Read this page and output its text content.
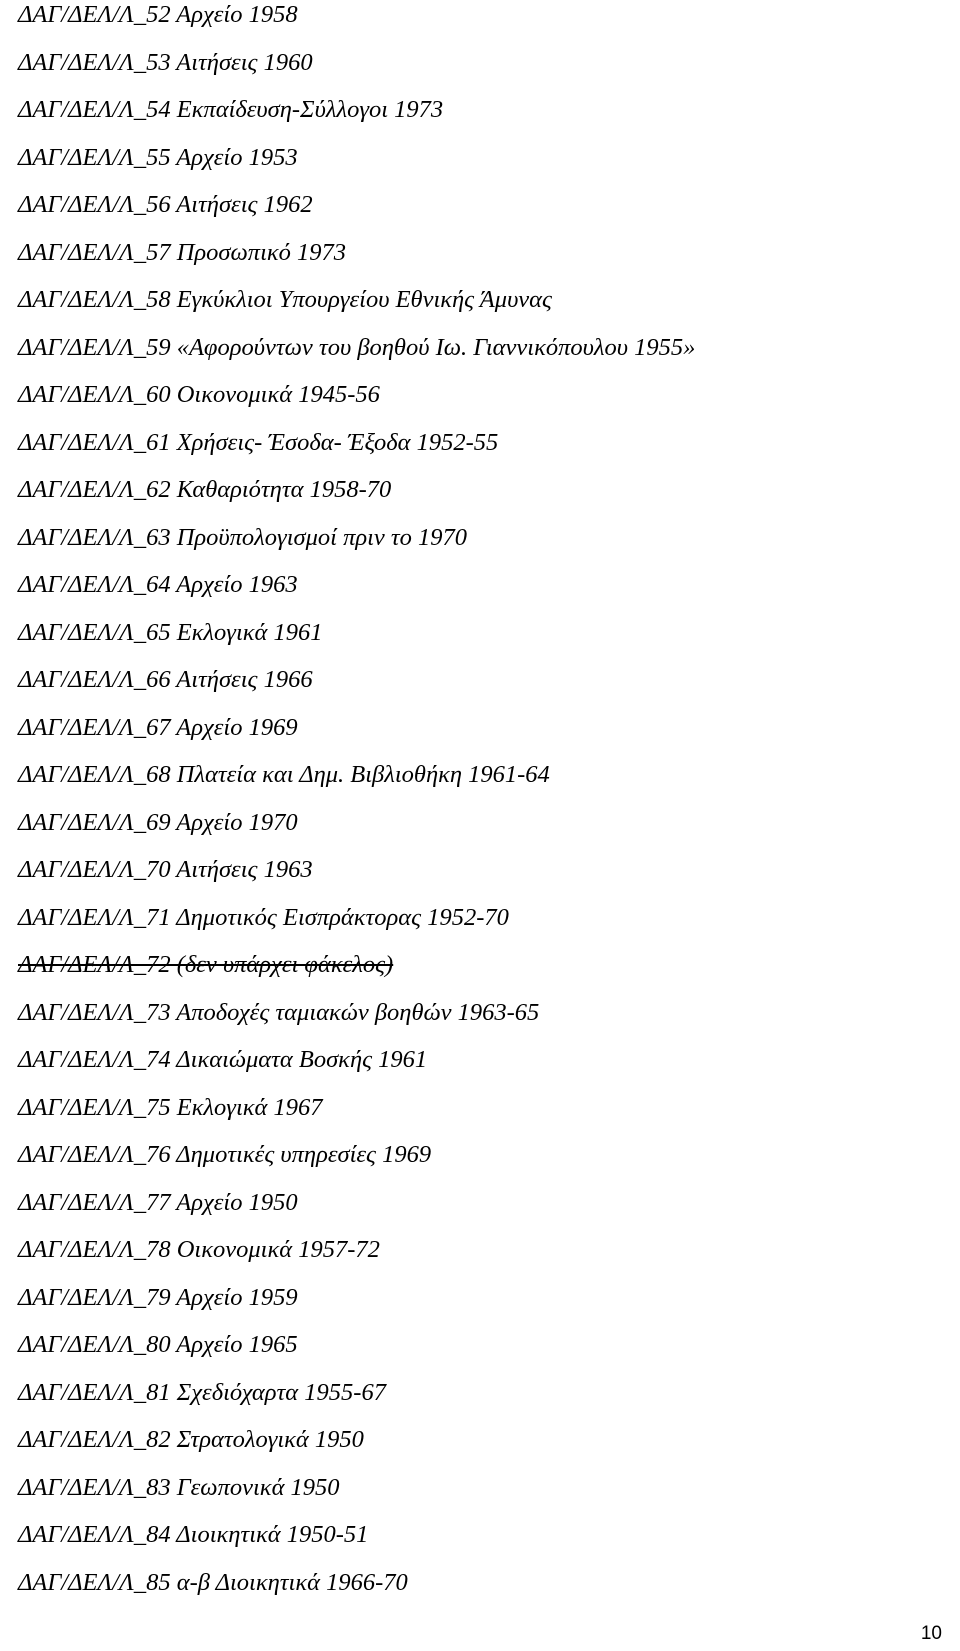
ΔΑΓ/ΔΕΛ/Λ_52 Αρχείο 1958
ΔΑΓ/ΔΕΛ/Λ_53 Αιτήσεις 1960
ΔΑΓ/ΔΕΛ/Λ_54 Εκπαίδευση-Σύλλογοι 1973
ΔΑΓ/ΔΕΛ/Λ_55 Αρχείο 1953
ΔΑΓ/ΔΕΛ/Λ_56 Αιτήσεις 1962
ΔΑΓ/ΔΕΛ/Λ_57 Προσωπικό 1973
ΔΑΓ/ΔΕΛ/Λ_58 Εγκύκλιοι Υπουργείου Εθνικής Άμυνας
ΔΑΓ/ΔΕΛ/Λ_59 «Αφορούντων του βοηθού Ιω. Γιαννικόπουλου 1955»
ΔΑΓ/ΔΕΛ/Λ_60 Οικονομικά 1945-56
ΔΑΓ/ΔΕΛ/Λ_61 Χρήσεις- Έσοδα- Έξοδα 1952-55
ΔΑΓ/ΔΕΛ/Λ_62 Καθαριότητα 1958-70
ΔΑΓ/ΔΕΛ/Λ_63 Προϋπολογισμοί πριν το 1970
ΔΑΓ/ΔΕΛ/Λ_64 Αρχείο 1963
ΔΑΓ/ΔΕΛ/Λ_65 Εκλογικά 1961
ΔΑΓ/ΔΕΛ/Λ_66 Αιτήσεις 1966
ΔΑΓ/ΔΕΛ/Λ_67 Αρχείο 1969
ΔΑΓ/ΔΕΛ/Λ_68 Πλατεία και Δημ. Βιβλιοθήκη 1961-64
ΔΑΓ/ΔΕΛ/Λ_69 Αρχείο 1970
ΔΑΓ/ΔΕΛ/Λ_70 Αιτήσεις 1963
ΔΑΓ/ΔΕΛ/Λ_71 Δημοτικός Εισπράκτορας 1952-70
ΔΑΓ/ΔΕΛ/Λ_72 (δεν υπάρχει φάκελος)
ΔΑΓ/ΔΕΛ/Λ_73 Αποδοχές ταμιακών βοηθών 1963-65
ΔΑΓ/ΔΕΛ/Λ_74 Δικαιώματα Βοσκής 1961
ΔΑΓ/ΔΕΛ/Λ_75 Εκλογικά 1967
ΔΑΓ/ΔΕΛ/Λ_76 Δημοτικές υπηρεσίες 1969
ΔΑΓ/ΔΕΛ/Λ_77 Αρχείο 1950
ΔΑΓ/ΔΕΛ/Λ_78 Οικονομικά 1957-72
ΔΑΓ/ΔΕΛ/Λ_79 Αρχείο 1959
ΔΑΓ/ΔΕΛ/Λ_80 Αρχείο 1965
ΔΑΓ/ΔΕΛ/Λ_81 Σχεδιόχαρτα 1955-67
ΔΑΓ/ΔΕΛ/Λ_82 Στρατολογικά 1950
ΔΑΓ/ΔΕΛ/Λ_83 Γεωπονικά 1950
ΔΑΓ/ΔΕΛ/Λ_84 Διοικητικά 1950-51
ΔΑΓ/ΔΕΛ/Λ_85 α-β Διοικητικά 1966-70
10
